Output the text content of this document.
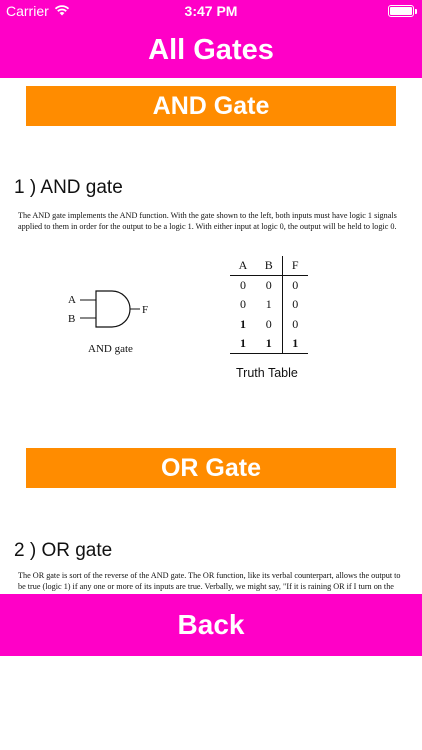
Carrier	3:47 PM
All Gates
AND Gate
1 ) AND gate
The AND gate implements the AND function. With the gate shown to the left, both inputs must have logic 1 signals applied to them in order for the output to be a logic 1. With either input at logic 0, the output will be held to logic 0.
A
B
F
AND gate
A	B	F
0	0	0
0	1	0
1	0	0
1	1	1
Truth Table
OR Gate
2 ) OR gate
The OR gate is sort of the reverse of the AND gate. The OR function, like its verbal counterpart, allows the output to be true (logic 1) if any one or more of its inputs are true. Verbally, we might say, "If it is raining OR if I turn on the
Back
